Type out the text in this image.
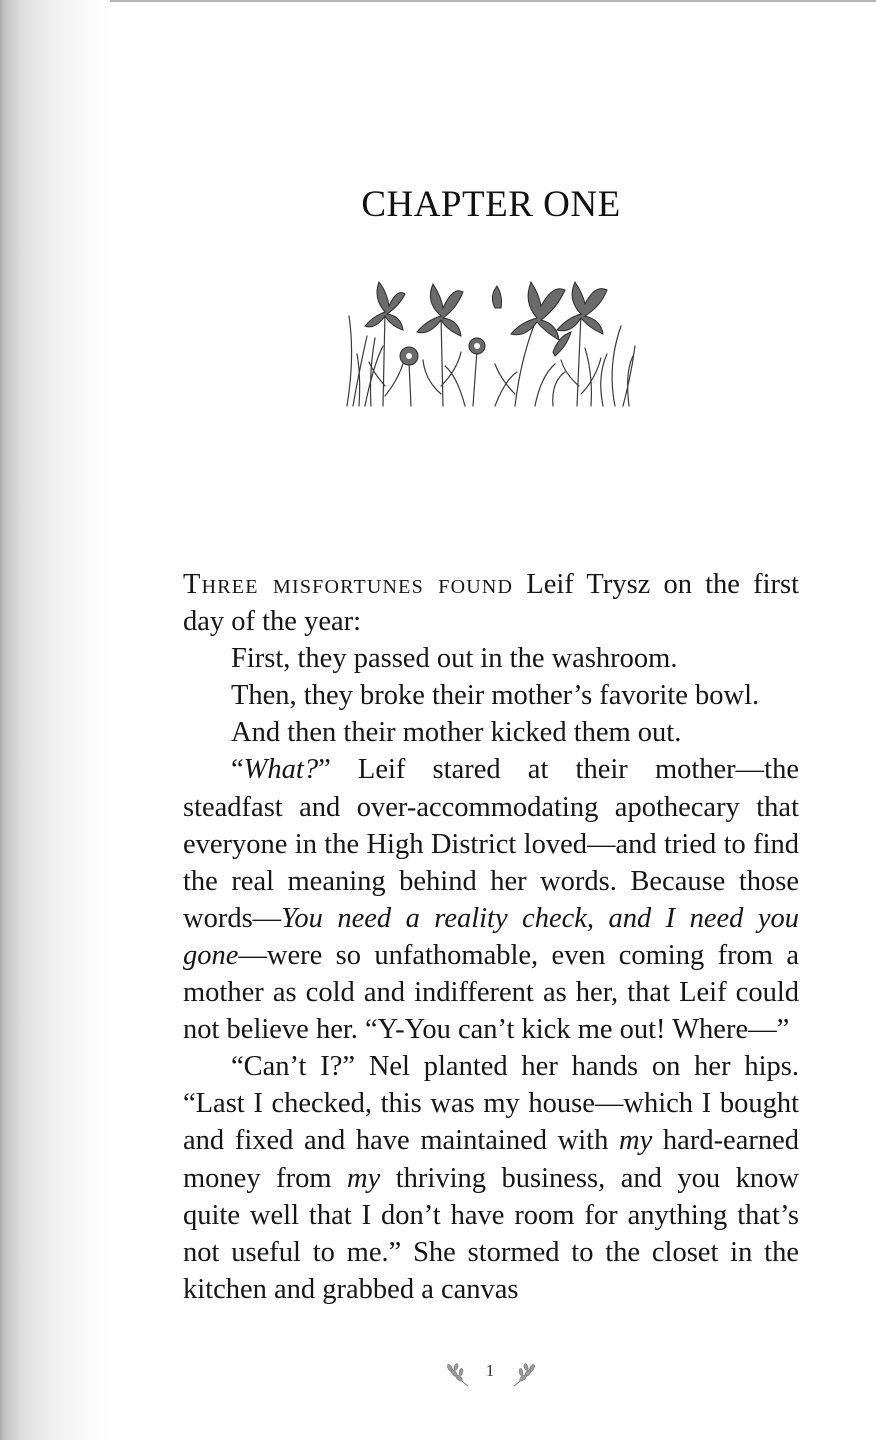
CHAPTER ONE

Three misfortunes found Leif Trysz on the first day of the year:

First, they passed out in the washroom.

Then, they broke their mother’s favorite bowl.

And then their mother kicked them out.

“What?” Leif stared at their mother—the steadfast and over-accommodating apothecary that everyone in the High District loved—and tried to find the real meaning behind her words. Because those words—You need a reality check, and I need you gone—were so unfathomable, even coming from a mother as cold and indifferent as her, that Leif could not believe her. “Y-You can’t kick me out! Where—”

“Can’t I?” Nel planted her hands on her hips. “Last I checked, this was my house—which I bought and fixed and have maintained with my hard-earned money from my thriving business, and you know quite well that I don’t have room for anything that’s not useful to me.” She stormed to the closet in the kitchen and grabbed a canvas

1
